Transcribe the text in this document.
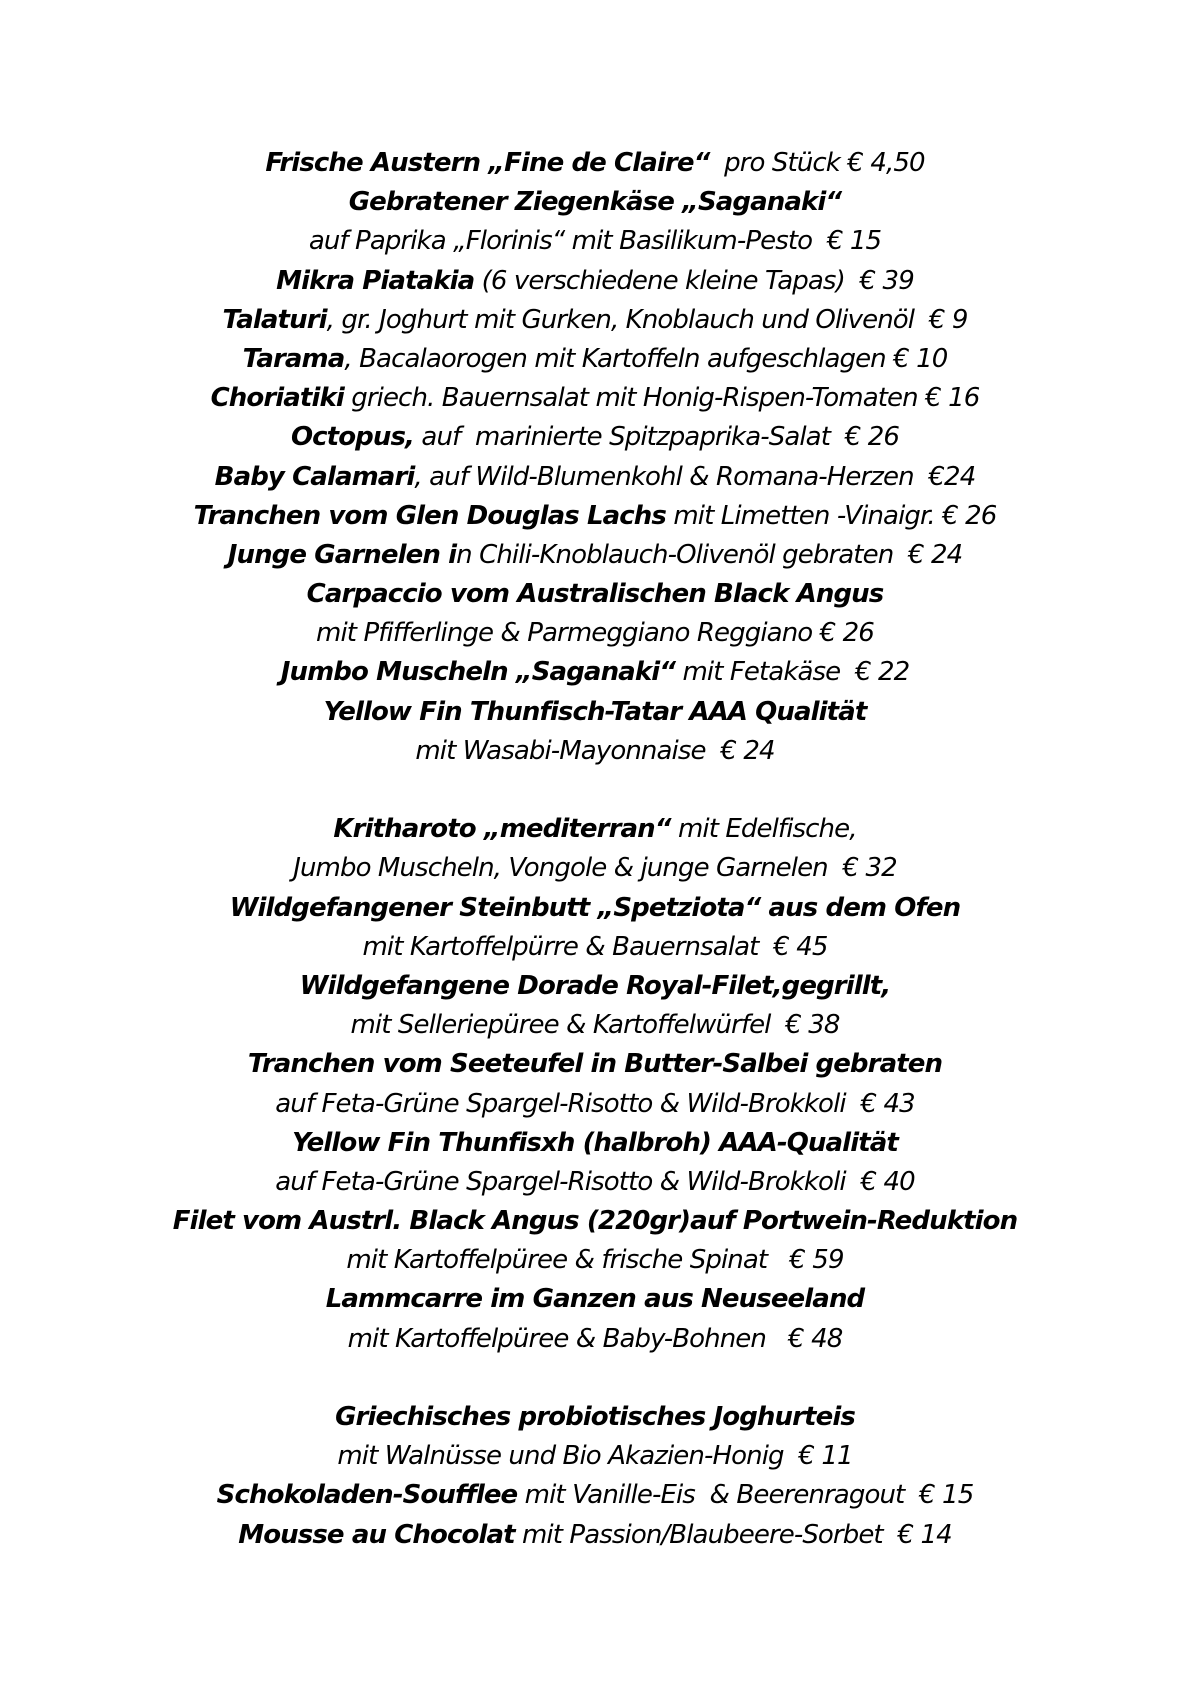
Frische Austern „Fine de Claire“  pro Stück € 4,50
Gebratener Ziegenkäse „Saganaki“
auf Paprika „Florinis“ mit Basilikum-Pesto  € 15
Mikra Piatakia (6 verschiedene kleine Tapas)  € 39
Talaturi, gr. Joghurt mit Gurken, Knoblauch und Olivenöl  € 9
Tarama, Bacalaorogen mit Kartoffeln aufgeschlagen € 10
Choriatiki griech. Bauernsalat mit Honig-Rispen-Tomaten € 16
Octopus, auf  marinierte Spitzpaprika-Salat  € 26
Baby Calamari, auf Wild-Blumenkohl & Romana-Herzen  €24
Tranchen vom Glen Douglas Lachs mit Limetten -Vinaigr. € 26
Junge Garnelen in Chili-Knoblauch-Olivenöl gebraten  € 24
Carpaccio vom Australischen Black Angus
mit Pfifferlinge & Parmeggiano Reggiano € 26
Jumbo Muscheln „Saganaki“ mit Fetakäse  € 22
Yellow Fin Thunfisch-Tatar AAA Qualität
mit Wasabi-Mayonnaise  € 24
Kritharoto „mediterran“ mit Edelfische,
Jumbo Muscheln, Vongole & junge Garnelen  € 32
Wildgefangener Steinbutt „Spetziota“ aus dem Ofen
mit Kartoffelpürre & Bauernsalat  € 45
Wildgefangene Dorade Royal-Filet,gegrillt,
mit Selleriepüree & Kartoffelwürfel  € 38
Tranchen vom Seeteufel in Butter-Salbei gebraten
auf Feta-Grüne Spargel-Risotto & Wild-Brokkoli  € 43
Yellow Fin Thunfisxh (halbroh) AAA-Qualität
auf Feta-Grüne Spargel-Risotto & Wild-Brokkoli  € 40
Filet vom Austrl. Black Angus (220gr)auf Portwein-Reduktion
mit Kartoffelpüree & frische Spinat   € 59
Lammcarre im Ganzen aus Neuseeland
mit Kartoffelpüree & Baby-Bohnen   € 48
Griechisches probiotisches Joghurteis
mit Walnüsse und Bio Akazien-Honig  € 11
Schokoladen-Soufflee mit Vanille-Eis  & Beerenragout  € 15
Mousse au Chocolat mit Passion/Blaubeere-Sorbet  € 14
